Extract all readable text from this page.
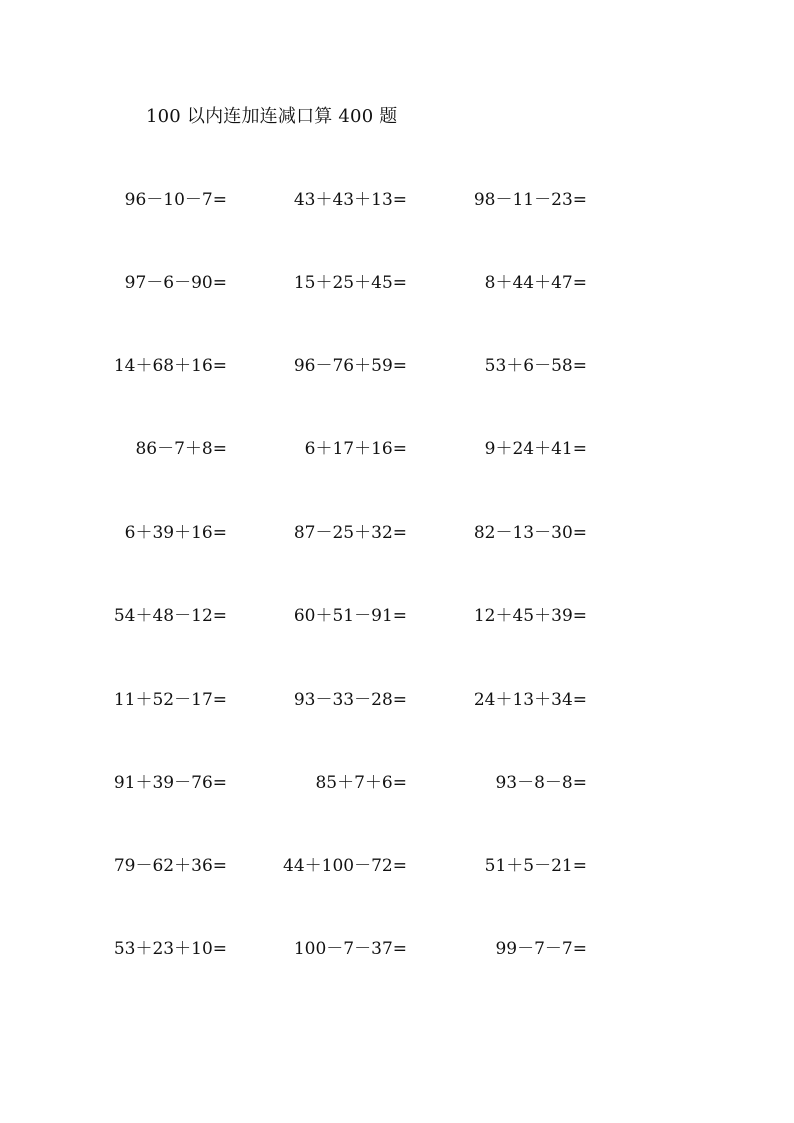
100 以内连加连减口算 400 题
96－10－7=	43＋43＋13=	98－11－23=
97－6－90=	15＋25＋45=	8＋44＋47=
14＋68＋16=	96－76＋59=	53＋6－58=
86－7＋8=	6＋17＋16=	9＋24＋41=
6＋39＋16=	87－25＋32=	82－13－30=
54＋48－12=	60＋51－91=	12＋45＋39=
11＋52－17=	93－33－28=	24＋13＋34=
91＋39－76=	85＋7＋6=	93－8－8=
79－62＋36=	44＋100－72=	51＋5－21=
53＋23＋10=	100－7－37=	99－7－7=
